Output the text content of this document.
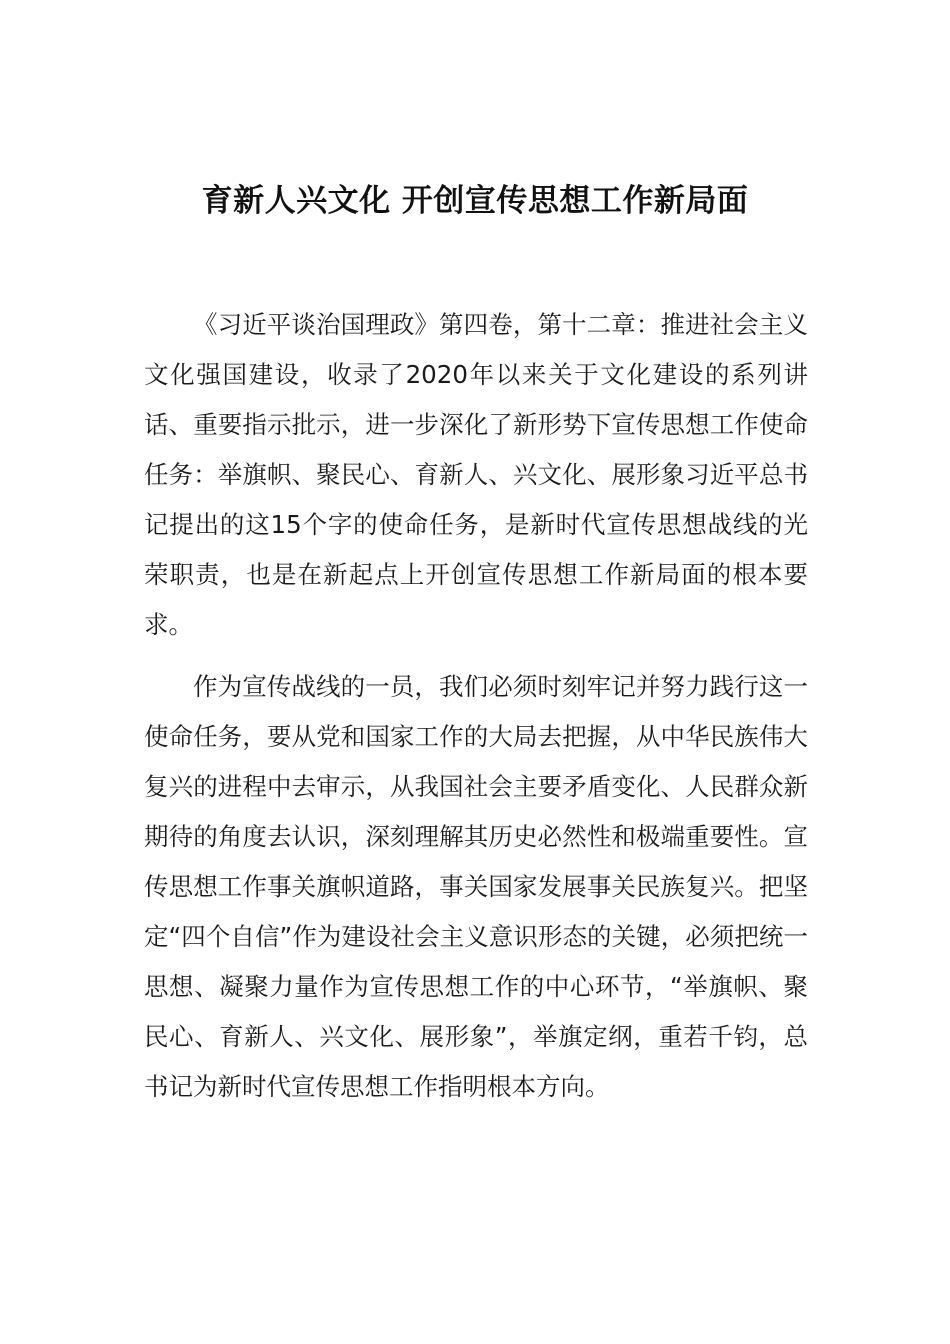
育新人兴文化 开创宣传思想工作新局面

《习近平谈治国理政》第四卷，第十二章：推进社会主义文化强国建设，收录了2020年以来关于文化建设的系列讲话、重要指示批示，进一步深化了新形势下宣传思想工作使命任务：举旗帜、聚民心、育新人、兴文化、展形象习近平总书记提出的这15个字的使命任务，是新时代宣传思想战线的光荣职责，也是在新起点上开创宣传思想工作新局面的根本要求。

作为宣传战线的一员，我们必须时刻牢记并努力践行这一使命任务，要从党和国家工作的大局去把握，从中华民族伟大复兴的进程中去审示，从我国社会主要矛盾变化、人民群众新期待的角度去认识，深刻理解其历史必然性和极端重要性。宣传思想工作事关旗帜道路，事关国家发展事关民族复兴。把坚定“四个自信”作为建设社会主义意识形态的关键，必须把统一思想、凝聚力量作为宣传思想工作的中心环节，“举旗帜、聚民心、育新人、兴文化、展形象”，举旗定纲，重若千钧，总书记为新时代宣传思想工作指明根本方向。
